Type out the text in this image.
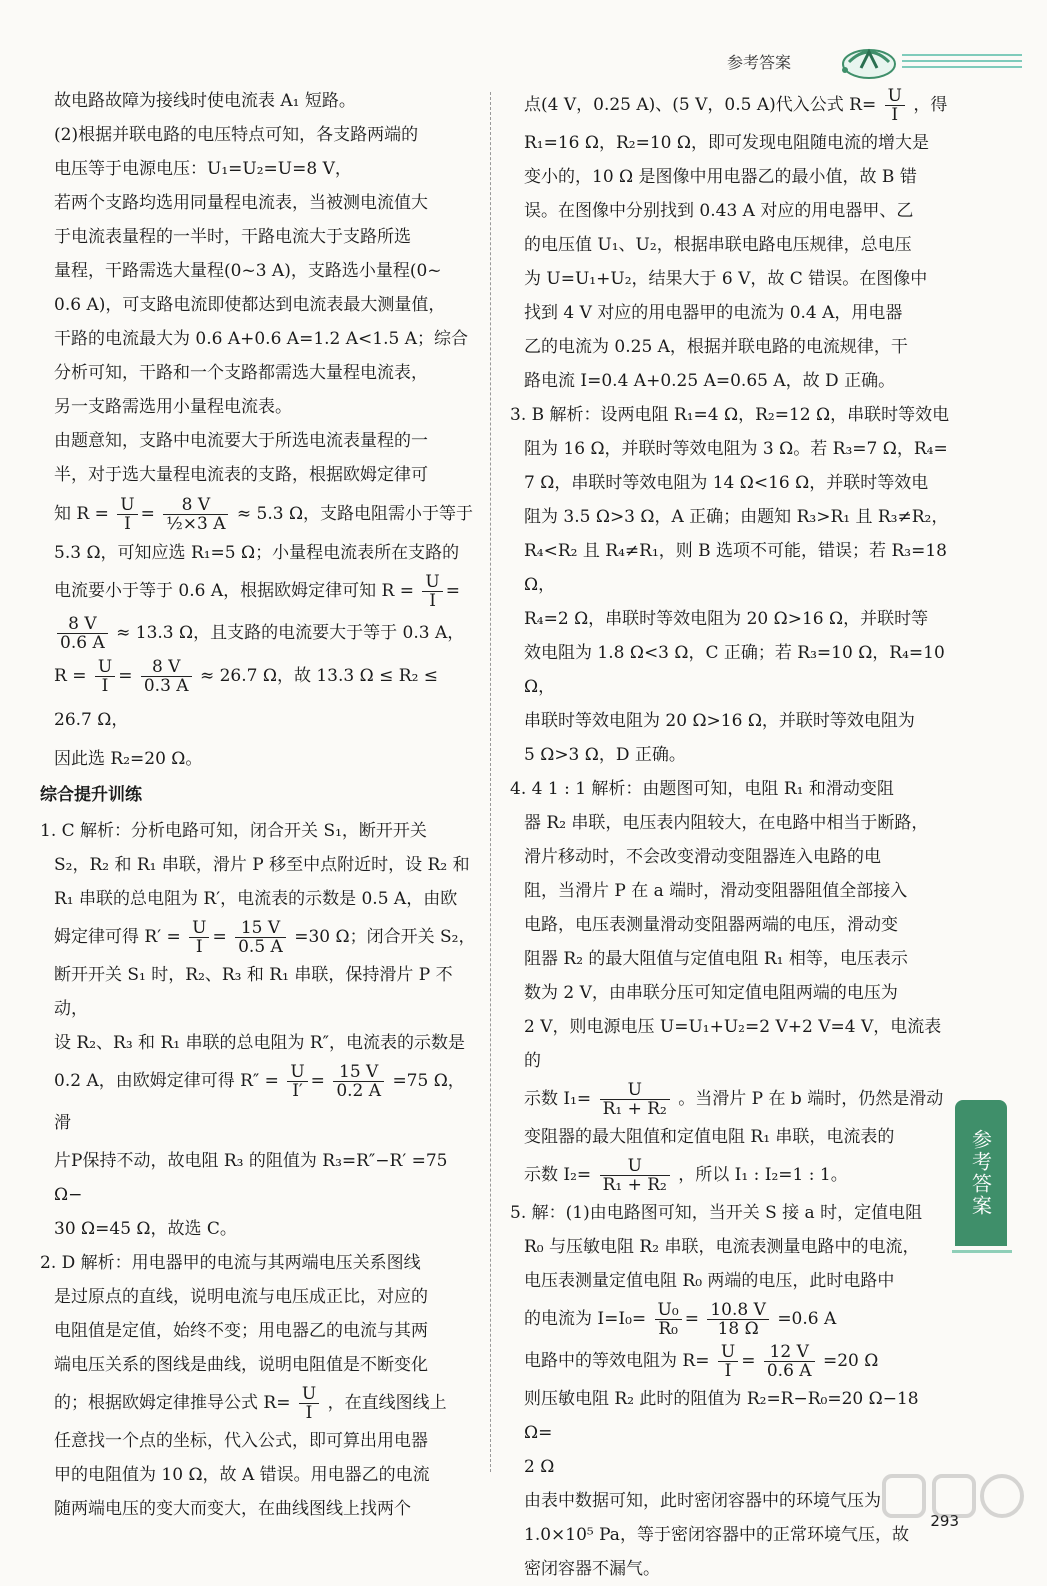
参考答案

故电路故障为接线时使电流表 A₁ 短路。

(2)根据并联电路的电压特点可知，各支路两端的

电压等于电源电压：U₁=U₂=U=8 V，

若两个支路均选用同量程电流表，当被测电流值大

于电流表量程的一半时，干路电流大于支路所选

量程，干路需选大量程(0~3 A)，支路选小量程(0~

0.6 A)，可支路电流即使都达到电流表最大测量值，

干路的电流最大为 0.6 A+0.6 A=1.2 A<1.5 A；综合

分析可知，干路和一个支路都需选大量程电流表，

另一支路需选用小量程电流表。

由题意知，支路中电流要大于所选电流表量程的一

半，对于选大量程电流表的支路，根据欧姆定律可

知 $R = \frac{U}{I} = \frac{8 V}{\text{½×3 A}} \approx 5.3$ Ω，支路电阻需小于等于

5.3 Ω，可知应选 R₁=5 Ω；小量程电流表所在支路的

电流要小于等于 0.6 A，根据欧姆定律可知 $R = \frac{U}{I}$ =

$\frac{8 V}{0.6 A} \approx 13.3$ Ω，且支路的电流要大于等于 0.3 A，

$R = \frac{U}{I} = \frac{8 V}{0.3 A} \approx 26.7$ Ω，故 13.3 Ω ≤ R₂ ≤ 26.7 Ω，

因此选 R₂=20 Ω。

综合提升训练

1. C 解析：分析电路可知，闭合开关 S₁，断开开关

S₂，R₂ 和 R₁ 串联，滑片 P 移至中点附近时，设 R₂ 和

R₁ 串联的总电阻为 R′，电流表的示数是 0.5 A，由欧

姆定律可得 $R' = \frac{U}{I} = \frac{15 V}{0.5 A} =30$ Ω；闭合开关 S₂，

断开开关 S₁ 时，R₂、R₃ 和 R₁ 串联，保持滑片 P 不动，

设 R₂、R₃ 和 R₁ 串联的总电阻为 R″，电流表的示数是

0.2 A，由欧姆定律可得 $R'' = \frac{U}{I'} = \frac{15 V}{0.2 A} =75$ Ω，滑

片P保持不动，故电阻 R₃ 的阻值为 R₃=R″−R′ =75 Ω−

30 Ω=45 Ω，故选 C。

2. D 解析：用电器甲的电流与其两端电压关系图线

是过原点的直线，说明电流与电压成正比，对应的

电阻值是定值，始终不变；用电器乙的电流与其两

端电压关系的图线是曲线，说明电阻值是不断变化

的；根据欧姆定律推导公式 $R= \frac{U}{I}$ ，在直线图线上

任意找一个点的坐标，代入公式，即可算出用电器

甲的电阻值为 10 Ω，故 A 错误。用电器乙的电流

随两端电压的变大而变大，在曲线图线上找两个

点(4 V，0.25 A)、(5 V，0.5 A)代入公式 $R= \frac{U}{I}$ ，得

R₁=16 Ω，R₂=10 Ω，即可发现电阻随电流的增大是

变小的，10 Ω 是图像中用电器乙的最小值，故 B 错

误。在图像中分别找到 0.43 A 对应的用电器甲、乙

的电压值 U₁、U₂，根据串联电路电压规律，总电压

为 U=U₁+U₂，结果大于 6 V，故 C 错误。在图像中

找到 4 V 对应的用电器甲的电流为 0.4 A，用电器

乙的电流为 0.25 A，根据并联电路的电流规律，干

路电流 I=0.4 A+0.25 A=0.65 A，故 D 正确。

3. B 解析：设两电阻 R₁=4 Ω，R₂=12 Ω，串联时等效电

阻为 16 Ω，并联时等效电阻为 3 Ω。若 R₃=7 Ω，R₄=

7 Ω，串联时等效电阻为 14 Ω<16 Ω，并联时等效电

阻为 3.5 Ω>3 Ω，A 正确；由题知 R₃>R₁ 且 R₃≠R₂，

R₄<R₂ 且 R₄≠R₁，则 B 选项不可能，错误；若 R₃=18 Ω，

R₄=2 Ω，串联时等效电阻为 20 Ω>16 Ω，并联时等

效电阻为 1.8 Ω<3 Ω，C 正确；若 R₃=10 Ω，R₄=10 Ω，

串联时等效电阻为 20 Ω>16 Ω，并联时等效电阻为

5 Ω>3 Ω，D 正确。

4. 4 1 : 1 解析：由题图可知，电阻 R₁ 和滑动变阻

器 R₂ 串联，电压表内阻较大，在电路中相当于断路，

滑片移动时，不会改变滑动变阻器连入电路的电

阻，当滑片 P 在 a 端时，滑动变阻器阻值全部接入

电路，电压表测量滑动变阻器两端的电压，滑动变

阻器 R₂ 的最大阻值与定值电阻 R₁ 相等，电压表示

数为 2 V，由串联分压可知定值电阻两端的电压为

2 V，则电源电压 U=U₁+U₂=2 V+2 V=4 V，电流表的

示数 $I_1= \frac{U}{\text{R₁ + R₂}}$ 。当滑片 P 在 b 端时，仍然是滑动

变阻器的最大阻值和定值电阻 R₁ 串联，电流表的

示数 $I_2= \frac{U}{\text{R₁ + R₂}}$ ，所以 I₁ : I₂=1 : 1。

5. 解：(1)由电路图可知，当开关 S 接 a 时，定值电阻

R₀ 与压敏电阻 R₂ 串联，电流表测量电路中的电流，

电压表测量定值电阻 R₀ 两端的电压，此时电路中

的电流为 $I=I_0= \frac{\text{U₀}}{\text{R₀}} = \frac{10.8 V}{18 \Omega} =0.6$ A

电路中的等效电阻为 $R= \frac{U}{I} = \frac{12 V}{0.6 A} =20$ Ω

则压敏电阻 R₂ 此时的阻值为 R₂=R−R₀=20 Ω−18 Ω=

2 Ω

由表中数据可知，此时密闭容器中的环境气压为

1.0×10⁵ Pa，等于密闭容器中的正常环境气压，故

密闭容器不漏气。

参考答案
293
